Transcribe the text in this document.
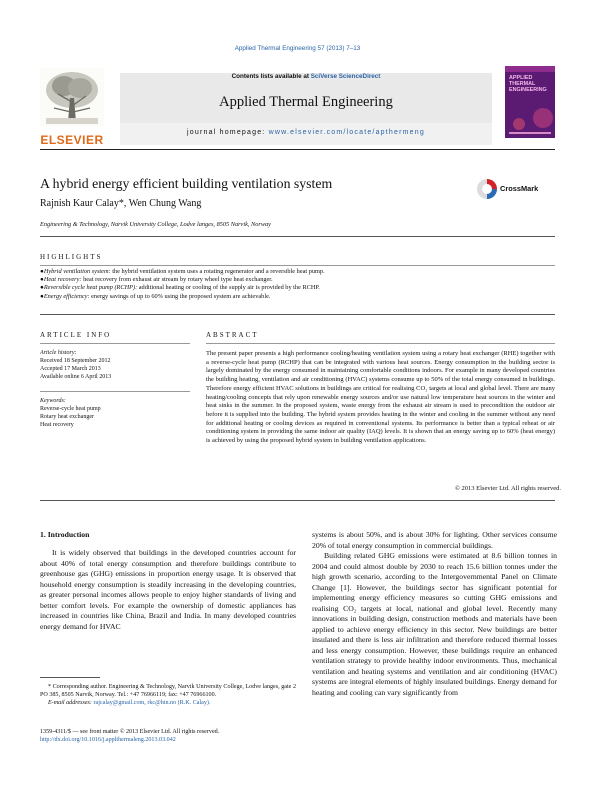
Applied Thermal Engineering 57 (2013) 7–13
ELSEVIER
Contents lists available at SciVerse ScienceDirect
Applied Thermal Engineering
journal homepage: www.elsevier.com/locate/apthermeng
APPLIED THERMAL ENGINEERING
A hybrid energy efficient building ventilation system
Rajnish Kaur Calay*, Wen Chung Wang
Engineering & Technology, Narvik University College, Lodve langes, 8505 Narvik, Norway
CrossMark
HIGHLIGHTS
●Hybrid ventilation system: the hybrid ventilation system uses a rotating regenerator and a reversible heat pump.
●Heat recovery: heat recovery from exhaust air stream by rotary wheel type heat exchanger.
●Reversible cycle heat pump (RCHP): additional heating or cooling of the supply air is provided by the RCHP.
●Energy efficiency: energy savings of up to 60% using the proposed system are achievable.
ARTICLE INFO
Article history:
Received 18 September 2012
Accepted 17 March 2013
Available online 6 April 2013
Keywords:
Reverse-cycle heat pump
Rotary heat exchanger
Heat recovery
ABSTRACT
The present paper presents a high performance cooling/heating ventilation system using a rotary heat exchanger (RHE) together with a reverse-cycle heat pump (RCHP) that can be integrated with various heat sources. Energy consumption in the building sector is largely dominated by the energy consumed in maintaining comfortable conditions indoors. For example in many developed countries the building heating, ventilation and air conditioning (HVAC) systems consume up to 50% of the total energy consumed in buildings. Therefore energy efficient HVAC solutions in buildings are critical for realising CO₂ targets at local and global level. There are many heating/cooling concepts that rely upon renewable energy sources and/or use natural low temperature heat sources in the winter and heat sinks in the summer. In the proposed system, waste energy from the exhaust air stream is used to precondition the outdoor air before it is supplied into the building. The hybrid system provides heating in the winter and cooling in the summer without any need for additional heating or cooling devices as required in conventional systems. Its performance is better than a typical reheat or air conditioning system in providing the same indoor air quality (IAQ) levels. It is shown that an energy saving up to 60% (heat energy) is achieved by using the proposed hybrid system in building ventilation applications.
© 2013 Elsevier Ltd. All rights reserved.
1. Introduction

It is widely observed that buildings in the developed countries account for about 40% of total energy consumption and therefore buildings contribute to greenhouse gas (GHG) emissions in proportion energy usage. It is observed that household energy consumption is steadily increasing in the developing countries, as greater personal incomes allows people to enjoy higher standards of living and better comfort levels. For example the ownership of domestic appliances has increased in countries like China, Brazil and India. In many developed countries energy demand for HVAC

systems is about 50%, and is about 30% for lighting. Other services consume 20% of total energy consumption in commercial buildings.

Building related GHG emissions were estimated at 8.6 billion tonnes in 2004 and could almost double by 2030 to reach 15.6 billion tonnes under the high growth scenario, according to the Intergovernmental Panel on Climate Change [1]. However, the buildings sector has significant potential for implementing energy efficiency measures so cutting GHG emissions and realising CO₂ targets at local, national and global level. Recently many innovations in building design, construction methods and materials have been applied to achieve energy efficiency in this sector. New buildings are better insulated and there is less air infiltration and therefore reduced thermal losses and less energy consumption. However, these buildings require an enhanced ventilation strategy to provide healthy indoor environments. Thus, mechanical ventilation and heating systems and ventilation and air conditioning (HVAC) systems are integral elements of highly insulated buildings. Energy demand for heating and cooling can vary significantly from

* Corresponding author. Engineering & Technology, Narvik University College, Lodve langes, gate 2 PO 385, 8505 Narvik, Norway. Tel.: +47 76966119; fax: +47 76966100.
E-mail addresses: rajcalay@gmail.com, rkc@hin.no (R.K. Calay).
1359-4311/$ — see front matter © 2013 Elsevier Ltd. All rights reserved.
http://dx.doi.org/10.1016/j.applthermaleng.2013.03.042
